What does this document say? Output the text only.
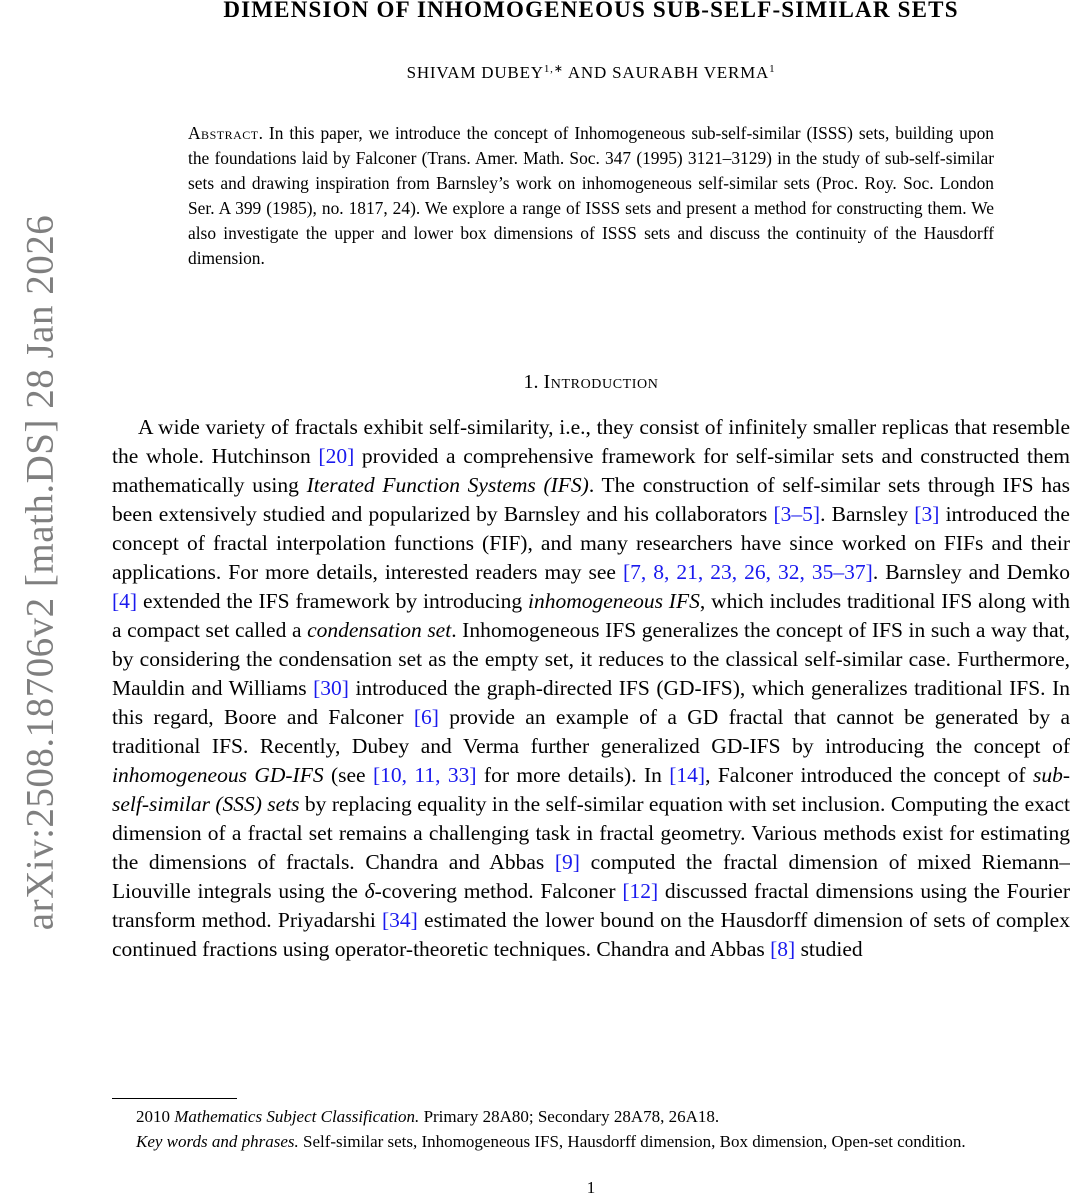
arXiv:2508.18706v2 [math.DS] 28 Jan 2026
DIMENSION OF INHOMOGENEOUS SUB-SELF-SIMILAR SETS
SHIVAM $DUBEY^{1,∗}$ AND SAURABH VERMA$^1$
Abstract. In this paper, we introduce the concept of Inhomogeneous sub-self-similar (ISSS) sets, building upon the foundations laid by Falconer (Trans. Amer. Math. Soc. 347 (1995) 3121–3129) in the study of sub-self-similar sets and drawing inspiration from Barnsley’s work on inhomogeneous self-similar sets (Proc. Roy. Soc. London Ser. A 399 (1985), no. 1817, 24). We explore a range of ISSS sets and present a method for constructing them. We also investigate the upper and lower box dimensions of ISSS sets and discuss the continuity of the Hausdorff dimension.
1. Introduction

A wide variety of fractals exhibit self-similarity, i.e., they consist of infinitely smaller replicas that resemble the whole. Hutchinson [20] provided a comprehensive framework for self-similar sets and constructed them mathematically using Iterated Function Systems (IFS). The construction of self-similar sets through IFS has been extensively studied and popularized by Barnsley and his collaborators [3–5]. Barnsley [3] introduced the concept of fractal interpolation functions (FIF), and many researchers have since worked on FIFs and their applications. For more details, interested readers may see [7, 8, 21, 23, 26, 32, 35–37]. Barnsley and Demko [4] extended the IFS framework by introducing inhomogeneous IFS, which includes traditional IFS along with a compact set called a condensation set. Inhomogeneous IFS generalizes the concept of IFS in such a way that, by considering the condensation set as the empty set, it reduces to the classical self-similar case. Furthermore, Mauldin and Williams [30] introduced the graph-directed IFS (GD-IFS), which generalizes traditional IFS. In this regard, Boore and Falconer [6] provide an example of a GD fractal that cannot be generated by a traditional IFS. Recently, Dubey and Verma further generalized GD-IFS by introducing the concept of inhomogeneous GD-IFS (see [10, 11, 33] for more details). In [14], Falconer introduced the concept of sub-self-similar (SSS) sets by replacing equality in the self-similar equation with set inclusion. Computing the exact dimension of a fractal set remains a challenging task in fractal geometry. Various methods exist for estimating the dimensions of fractals. Chandra and Abbas [9] computed the fractal dimension of mixed Riemann–Liouville integrals using the δ-covering method. Falconer [12] discussed fractal dimensions using the Fourier transform method. Priyadarshi [34] estimated the lower bound on the Hausdorff dimension of sets of complex continued fractions using operator-theoretic techniques. Chandra and Abbas [8] studied

2010 Mathematics Subject Classification. Primary 28A80; Secondary 28A78, 26A18.

Key words and phrases. Self-similar sets, Inhomogeneous IFS, Hausdorff dimension, Box dimension, Open-set condition.

1
